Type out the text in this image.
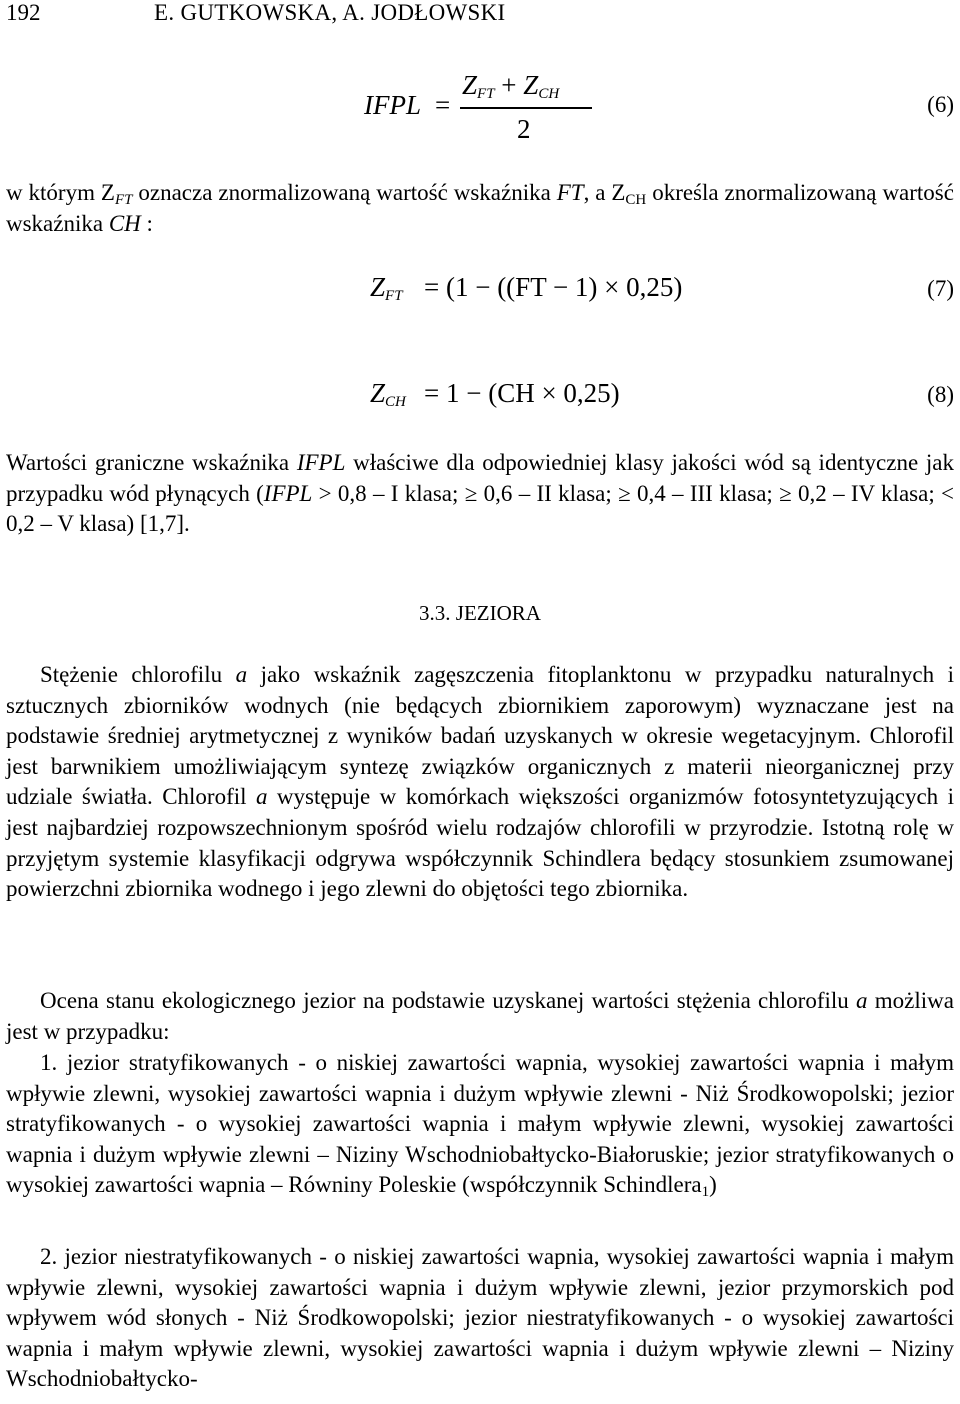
192	E. GUTKOWSKA, A. JODŁOWSKI
IFPL =
$Z_{FT} + Z_{CH}$
2
(6)

w którym $Z_{FT}$ oznacza znormalizowaną wartość wskaźnika FT, a $Z_{CH}$ określa znormalizowaną wartość wskaźnika CH :

$Z_{FT} = (1 - ((FT - 1) \times 0,25)$	(7)
$Z_{CH} = 1 - (CH \times 0,25)$	(8)

Wartości graniczne wskaźnika IFPL właściwe dla odpowiedniej klasy jakości wód są identyczne jak przypadku wód płynących (IFPL > 0,8 – I klasa; ≥ 0,6 – II klasa; ≥ 0,4 – III klasa; ≥ 0,2 – IV klasa; < 0,2 – V klasa) [1,7].

3.3. JEZIORA

Stężenie chlorofilu a jako wskaźnik zagęszczenia fitoplanktonu w przypadku naturalnych i sztucznych zbiorników wodnych (nie będących zbiornikiem zaporowym) wyznaczane jest na podstawie średniej arytmetycznej z wyników badań uzyskanych w okresie wegetacyjnym. Chlorofil jest barwnikiem umożliwiającym syntezę związków organicznych z materii nieorganicznej przy udziale światła. Chlorofil a występuje w komórkach większości organizmów fotosyntetyzujących i jest najbardziej rozpowszechnionym spośród wielu rodzajów chlorofili w przyrodzie. Istotną rolę w przyjętym systemie klasyfikacji odgrywa współczynnik Schindlera będący stosunkiem zsumowanej powierzchni zbiornika wodnego i jego zlewni do objętości tego zbiornika.

Ocena stanu ekologicznego jezior na podstawie uzyskanej wartości stężenia chlorofilu a możliwa jest w przypadku:

1. jezior stratyfikowanych - o niskiej zawartości wapnia, wysokiej zawartości wapnia i małym wpływie zlewni, wysokiej zawartości wapnia i dużym wpływie zlewni - Niż Środkowopolski; jezior stratyfikowanych - o wysokiej zawartości wapnia i małym wpływie zlewni, wysokiej zawartości wapnia i dużym wpływie zlewni – Niziny Wschodniobałtycko-Białoruskie; jezior stratyfikowanych o wysokiej zawartości wapnia – Równiny Poleskie (współczynnik Schindlera$_1$)

2. jezior niestratyfikowanych - o niskiej zawartości wapnia, wysokiej zawartości wapnia i małym wpływie zlewni, wysokiej zawartości wapnia i dużym wpływie zlewni, jezior przymorskich pod wpływem wód słonych - Niż Środkowopolski; jezior niestratyfikowanych - o wysokiej zawartości wapnia i małym wpływie zlewni, wysokiej zawartości wapnia i dużym wpływie zlewni – Niziny Wschodniobałtycko-
